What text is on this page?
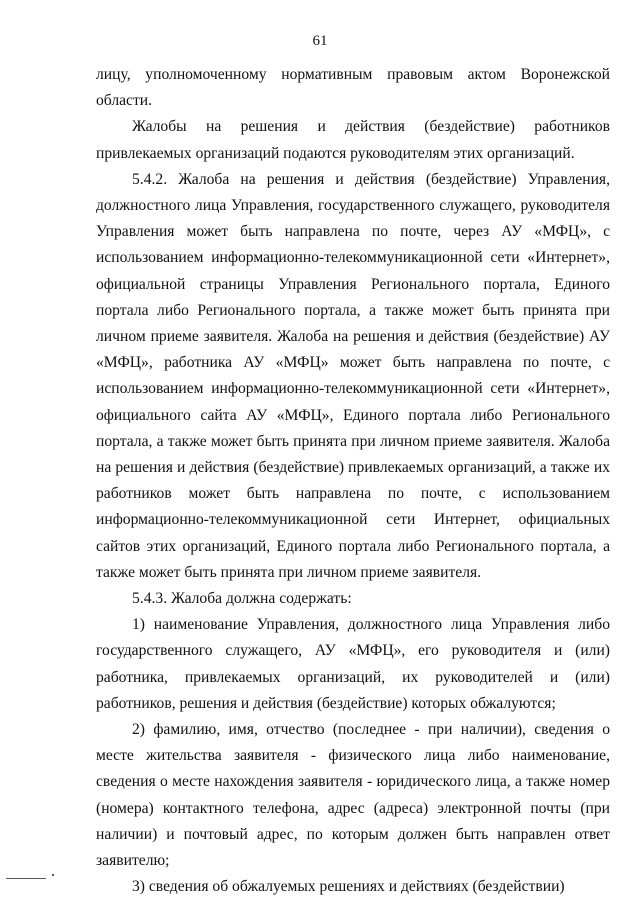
61

лицу, уполномоченному нормативным правовым актом Воронежской области.

Жалобы на решения и действия (бездействие) работников привлекаемых организаций подаются руководителям этих организаций.

5.4.2. Жалоба на решения и действия (бездействие) Управления, должностного лица Управления, государственного служащего, руководителя Управления может быть направлена по почте, через АУ «МФЦ», с использованием информационно-телекоммуникационной сети «Интернет», официальной страницы Управления Регионального портала, Единого портала либо Регионального портала, а также может быть принята при личном приеме заявителя. Жалоба на решения и действия (бездействие) АУ «МФЦ», работника АУ «МФЦ» может быть направлена по почте, с использованием информационно-телекоммуникационной сети «Интернет», официального сайта АУ «МФЦ», Единого портала либо Регионального портала, а также может быть принята при личном приеме заявителя. Жалоба на решения и действия (бездействие) привлекаемых организаций, а также их работников может быть направлена по почте, с использованием информационно-телекоммуникационной сети Интернет, официальных сайтов этих организаций, Единого портала либо Регионального портала, а также может быть принята при личном приеме заявителя.

5.4.3. Жалоба должна содержать:

1) наименование Управления, должностного лица Управления либо государственного служащего, АУ «МФЦ», его руководителя и (или) работника, привлекаемых организаций, их руководителей и (или) работников, решения и действия (бездействие) которых обжалуются;

2) фамилию, имя, отчество (последнее - при наличии), сведения о месте жительства заявителя - физического лица либо наименование, сведения о месте нахождения заявителя - юридического лица, а также номер (номера) контактного телефона, адрес (адреса) электронной почты (при наличии) и почтовый адрес, по которым должен быть направлен ответ заявителю;

3) сведения об обжалуемых решениях и действиях (бездействии)
